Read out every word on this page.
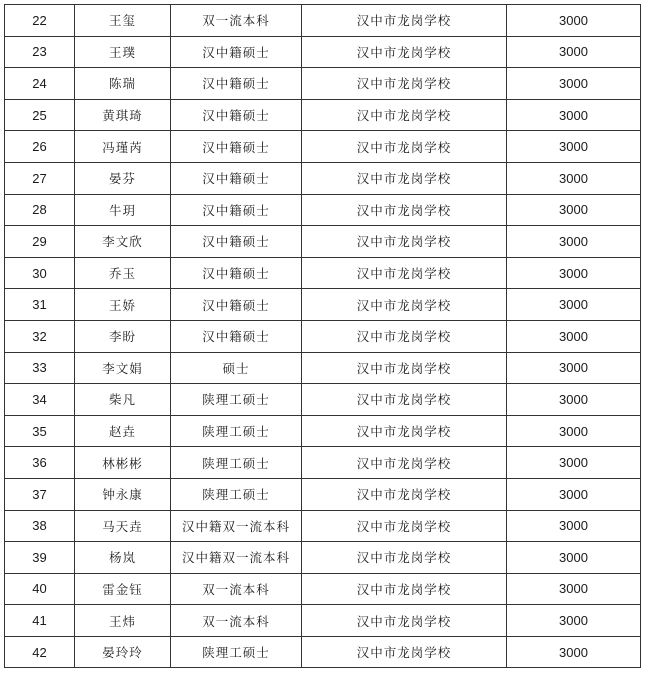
22	王玺	双一流本科	汉中市龙岗学校	3000
23	王璞	汉中籍硕士	汉中市龙岗学校	3000
24	陈瑞	汉中籍硕士	汉中市龙岗学校	3000
25	黄琪琦	汉中籍硕士	汉中市龙岗学校	3000
26	冯瑾芮	汉中籍硕士	汉中市龙岗学校	3000
27	晏芬	汉中籍硕士	汉中市龙岗学校	3000
28	牛玥	汉中籍硕士	汉中市龙岗学校	3000
29	李文欣	汉中籍硕士	汉中市龙岗学校	3000
30	乔玉	汉中籍硕士	汉中市龙岗学校	3000
31	王娇	汉中籍硕士	汉中市龙岗学校	3000
32	李盼	汉中籍硕士	汉中市龙岗学校	3000
33	李文娟	硕士	汉中市龙岗学校	3000
34	柴凡	陕理工硕士	汉中市龙岗学校	3000
35	赵垚	陕理工硕士	汉中市龙岗学校	3000
36	林彬彬	陕理工硕士	汉中市龙岗学校	3000
37	钟永康	陕理工硕士	汉中市龙岗学校	3000
38	马天垚	汉中籍双一流本科	汉中市龙岗学校	3000
39	杨岚	汉中籍双一流本科	汉中市龙岗学校	3000
40	雷金钰	双一流本科	汉中市龙岗学校	3000
41	王炜	双一流本科	汉中市龙岗学校	3000
42	晏玲玲	陕理工硕士	汉中市龙岗学校	3000
